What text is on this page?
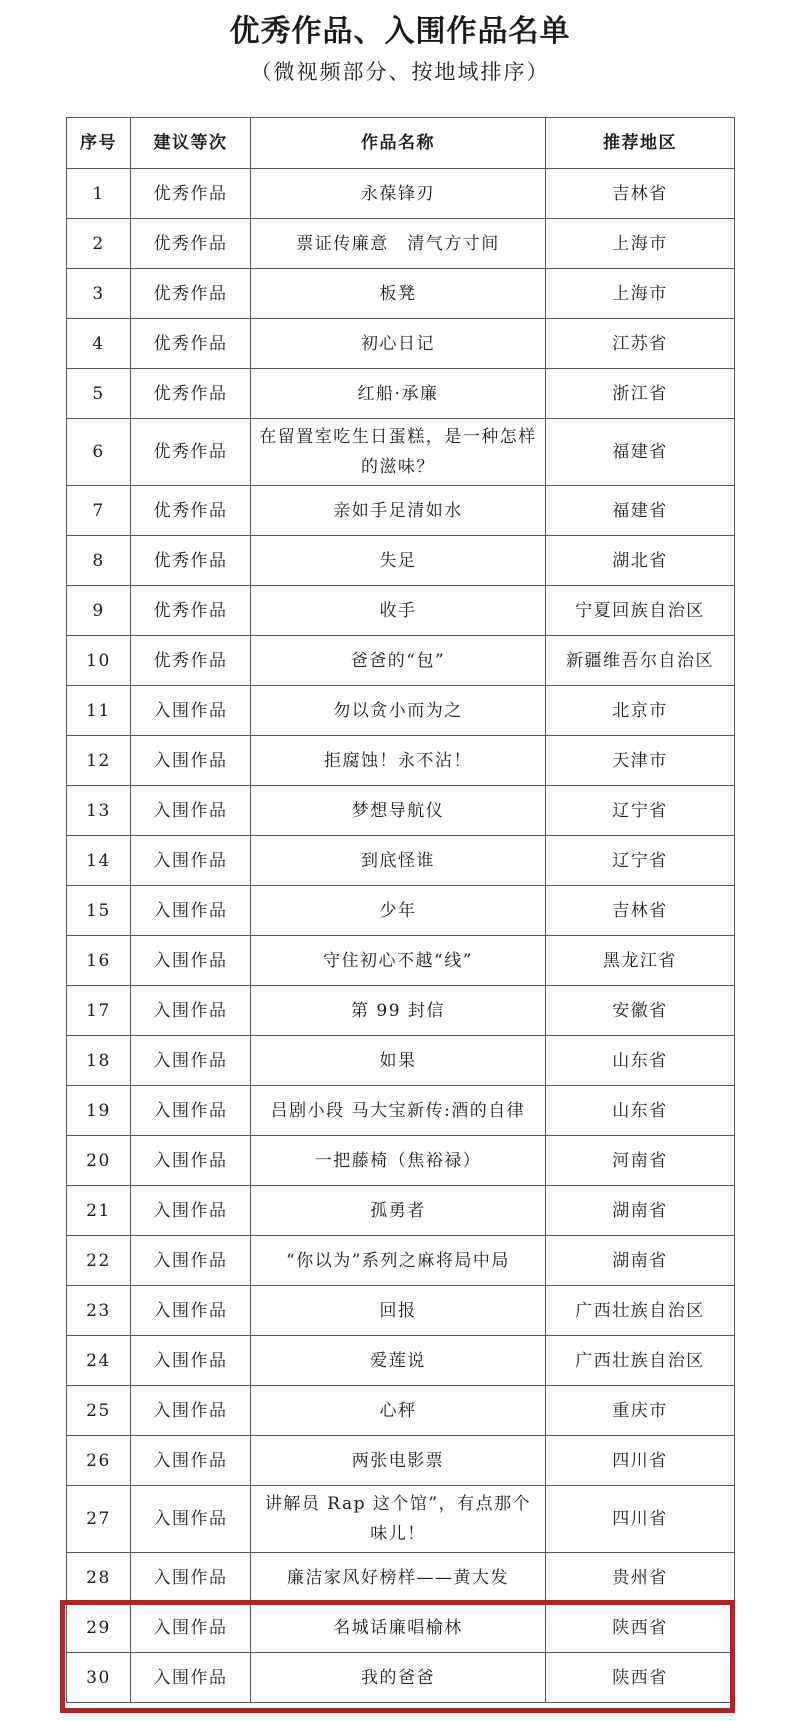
优秀作品、入围作品名单
（微视频部分、按地域排序）
序号	建议等次	作品名称	推荐地区
1	优秀作品	永葆锋刃	吉林省
2	优秀作品	票证传廉意　清气方寸间	上海市
3	优秀作品	板凳	上海市
4	优秀作品	初心日记	江苏省
5	优秀作品	红船·承廉	浙江省
6	优秀作品	在留置室吃生日蛋糕，是一种怎样的滋味？	福建省
7	优秀作品	亲如手足清如水	福建省
8	优秀作品	失足	湖北省
9	优秀作品	收手	宁夏回族自治区
10	优秀作品	爸爸的“包”	新疆维吾尔自治区
11	入围作品	勿以贪小而为之	北京市
12	入围作品	拒腐蚀！永不沾！	天津市
13	入围作品	梦想导航仪	辽宁省
14	入围作品	到底怪谁	辽宁省
15	入围作品	少年	吉林省
16	入围作品	守住初心不越“线”	黑龙江省
17	入围作品	第 99 封信	安徽省
18	入围作品	如果	山东省
19	入围作品	吕剧小段 马大宝新传:酒的自律	山东省
20	入围作品	一把藤椅（焦裕禄）	河南省
21	入围作品	孤勇者	湖南省
22	入围作品	“你以为”系列之麻将局中局	湖南省
23	入围作品	回报	广西壮族自治区
24	入围作品	爱莲说	广西壮族自治区
25	入围作品	心秤	重庆市
26	入围作品	两张电影票	四川省
27	入围作品	讲解员 Rap 这个馆”，有点那个味儿！	四川省
28	入围作品	廉洁家风好榜样——黄大发	贵州省
29	入围作品	名城话廉唱榆林	陕西省
30	入围作品	我的爸爸	陕西省
